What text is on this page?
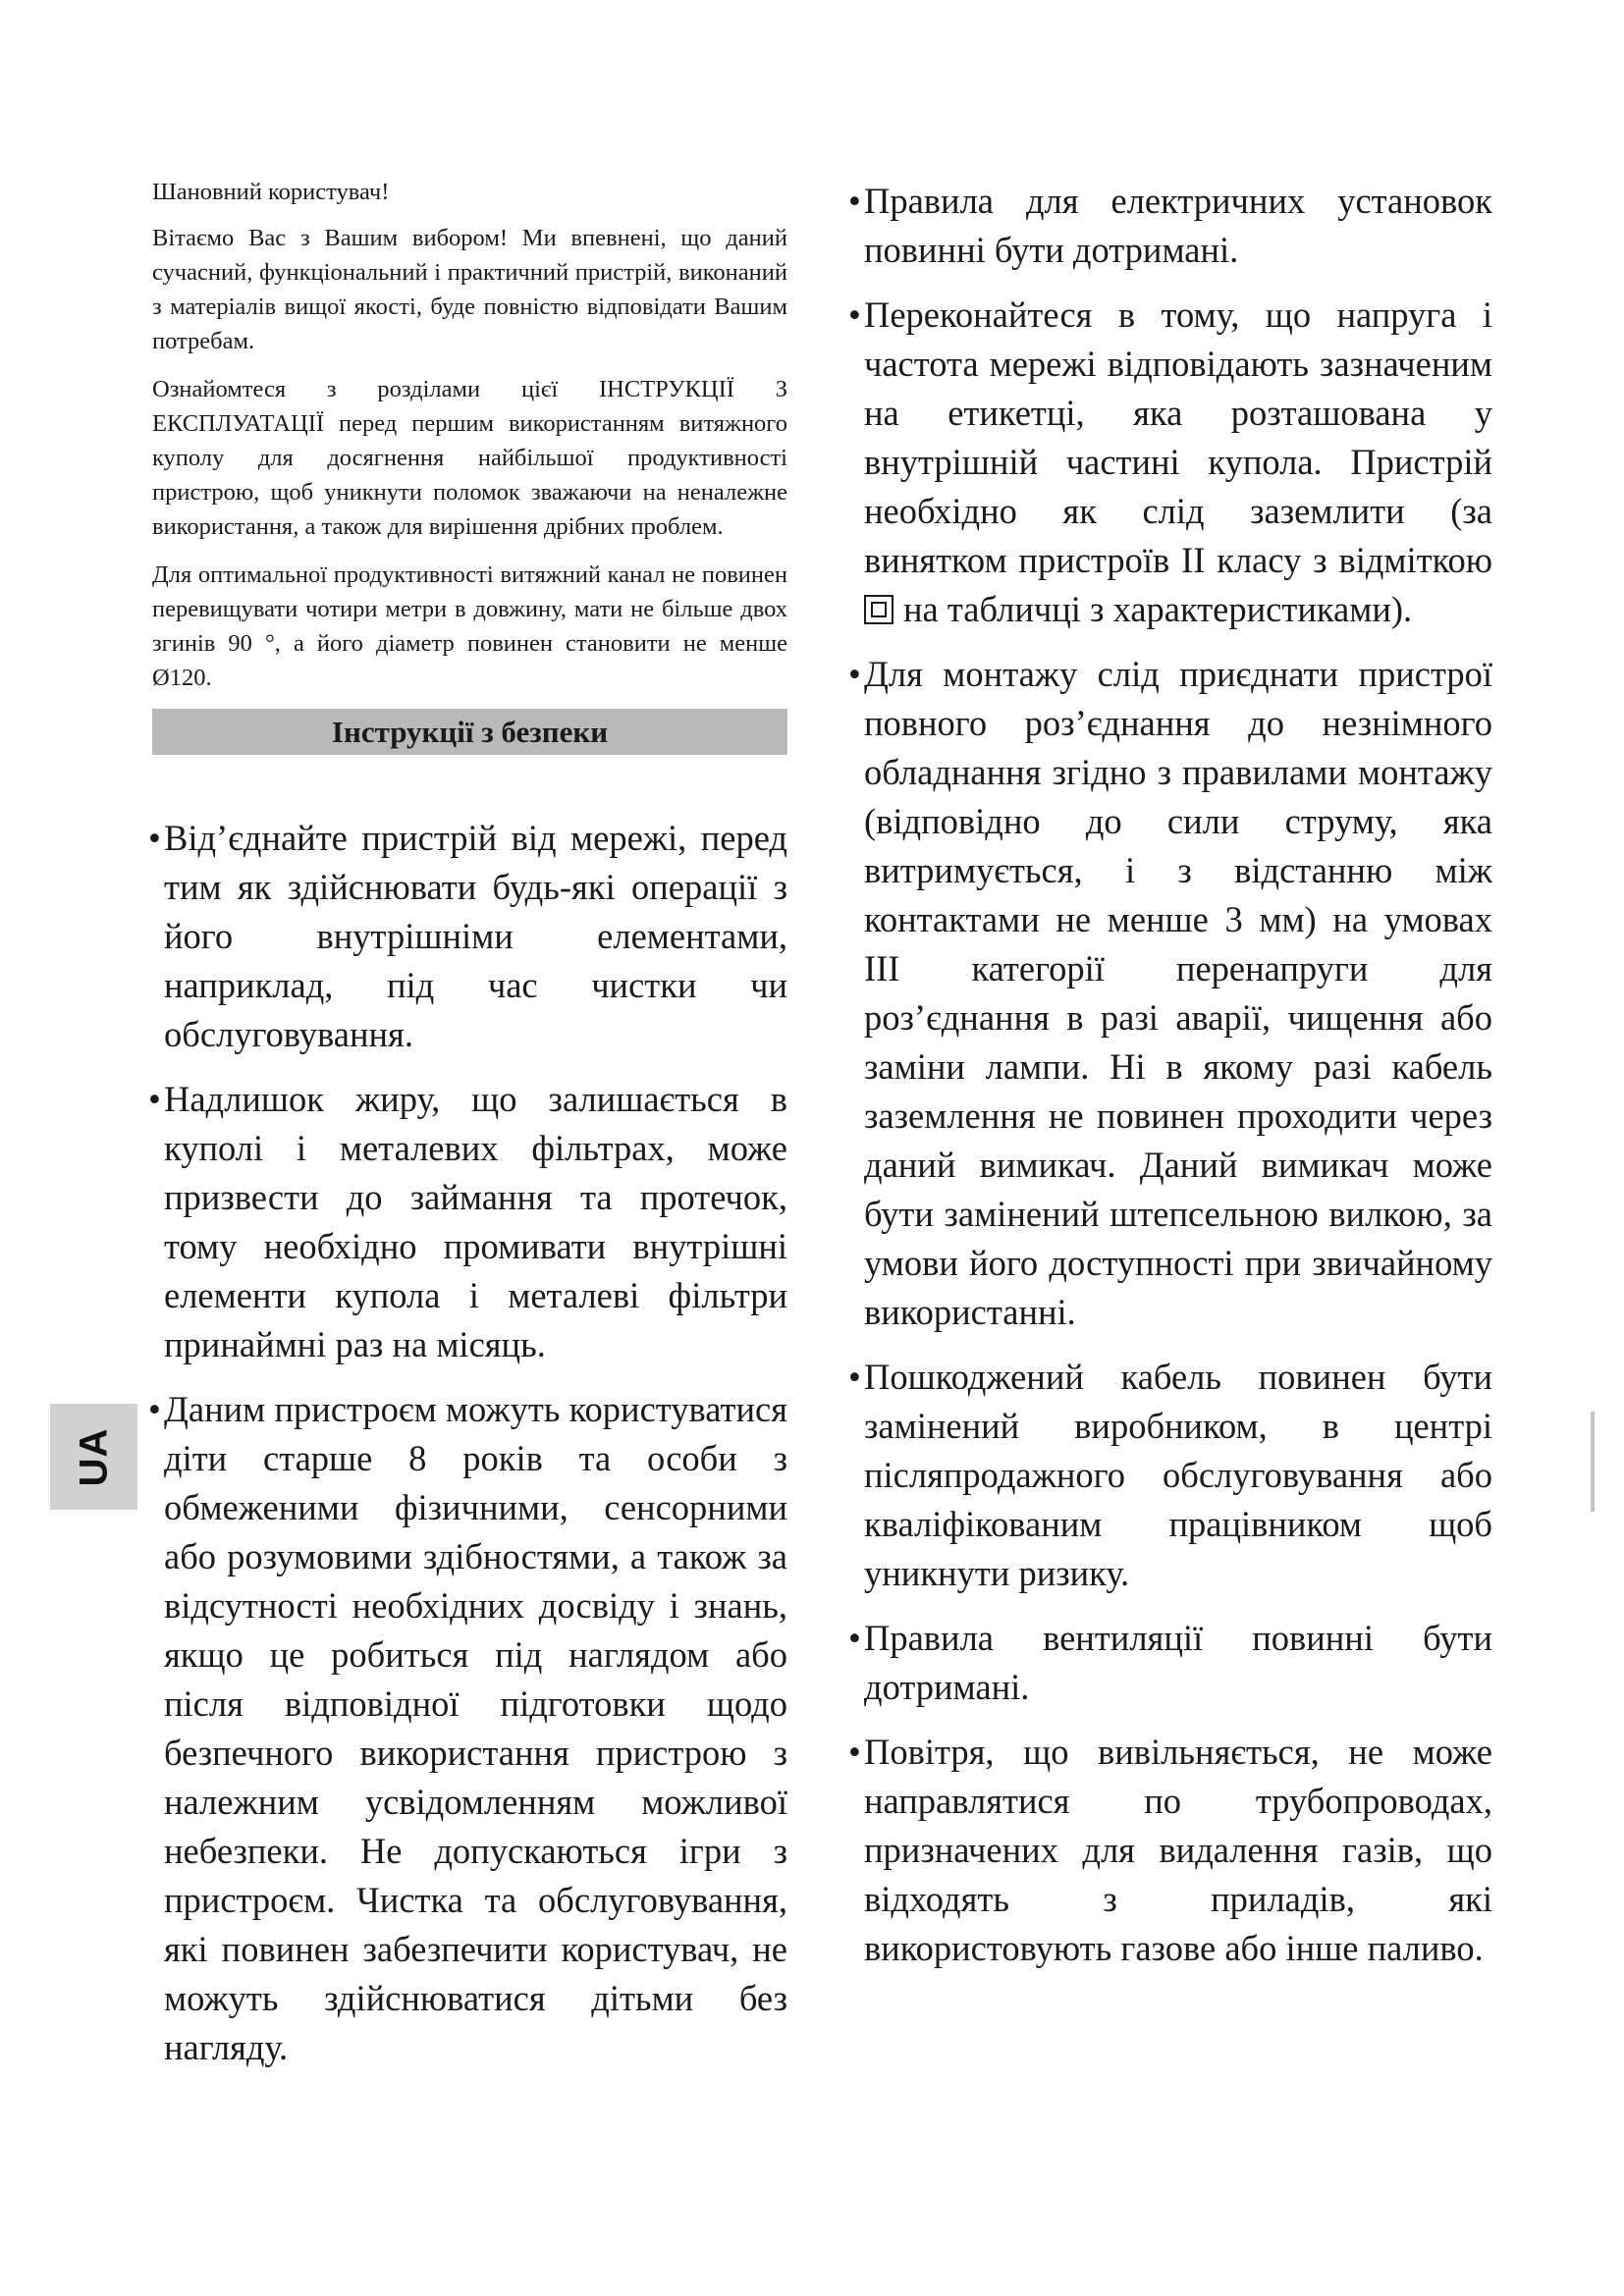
Шановний користувач!

Вітаємо Вас з Вашим вибором! Ми впевнені, що даний сучасний, функціональний і практичний пристрій, виконаний з матеріалів вищої якості, буде повністю відповідати Вашим потребам.

Ознайомтеся з розділами цієї ІНСТРУКЦІЇ З ЕКСПЛУАТАЦІЇ перед першим використанням витяжного куполу для досягнення найбільшої продуктивності пристрою, щоб уникнути поломок зважаючи на неналежне використання, а також для вирішення дрібних проблем.

Для оптимальної продуктивності витяжний канал не повинен перевищувати чотири метри в довжину, мати не більше двох згинів 90 °, а його діаметр повинен становити не менше Ø120.

Інструкції з безпеки
• Від’єднайте пристрій від мережі, перед тим як здійснювати будь-які операції з його внутрішніми елементами, наприклад, під час чистки чи обслуговування.
• Надлишок жиру, що залишається в куполі і металевих фільтрах, може призвести до займання та протечок, тому необхідно промивати внутрішні елементи купола і металеві фільтри принаймні раз на місяць.
• Даним пристроєм можуть користуватися діти старше 8 років та особи з обмеженими фізичними, сенсорними або розумовими здібностями, а також за відсутності необхідних досвіду і знань, якщо це робиться під наглядом або після відповідної підготовки щодо безпечного використання пристрою з належним усвідомленням можливої небезпеки. Не допускаються ігри з пристроєм. Чистка та обслуговування, які повинен забезпечити користувач, не можуть здійснюватися дітьми без нагляду.
• Правила для електричних установок повинні бути дотримані.
• Переконайтеся в тому, що напруга і частота мережі відповідають зазначеним на етикетці, яка розташована у внутрішній частині купола. Пристрій необхідно як слід заземлити (за винятком пристроїв II класу з відміткою на табличці з характеристиками).
• Для монтажу слід приєднати пристрої повного роз’єднання до незнімного обладнання згідно з правилами монтажу (відповідно до сили струму, яка витримується, і з відстанню між контактами не менше 3 мм) на умовах III категорії перенапруги для роз’єднання в разі аварії, чищення або заміни лампи. Ні в якому разі кабель заземлення не повинен проходити через даний вимикач. Даний вимикач може бути замінений штепсельною вилкою, за умови його доступності при звичайному використанні.
• Пошкоджений кабель повинен бути замінений виробником, в центрі післяпродажного обслуговування або кваліфікованим працівником щоб уникнути ризику.
• Правила вентиляції повинні бути дотримані.
• Повітря, що вивільняється, не може направлятися по трубопроводах, призначених для видалення газів, що відходять з приладів, які використовують газове або інше паливо.
UA
